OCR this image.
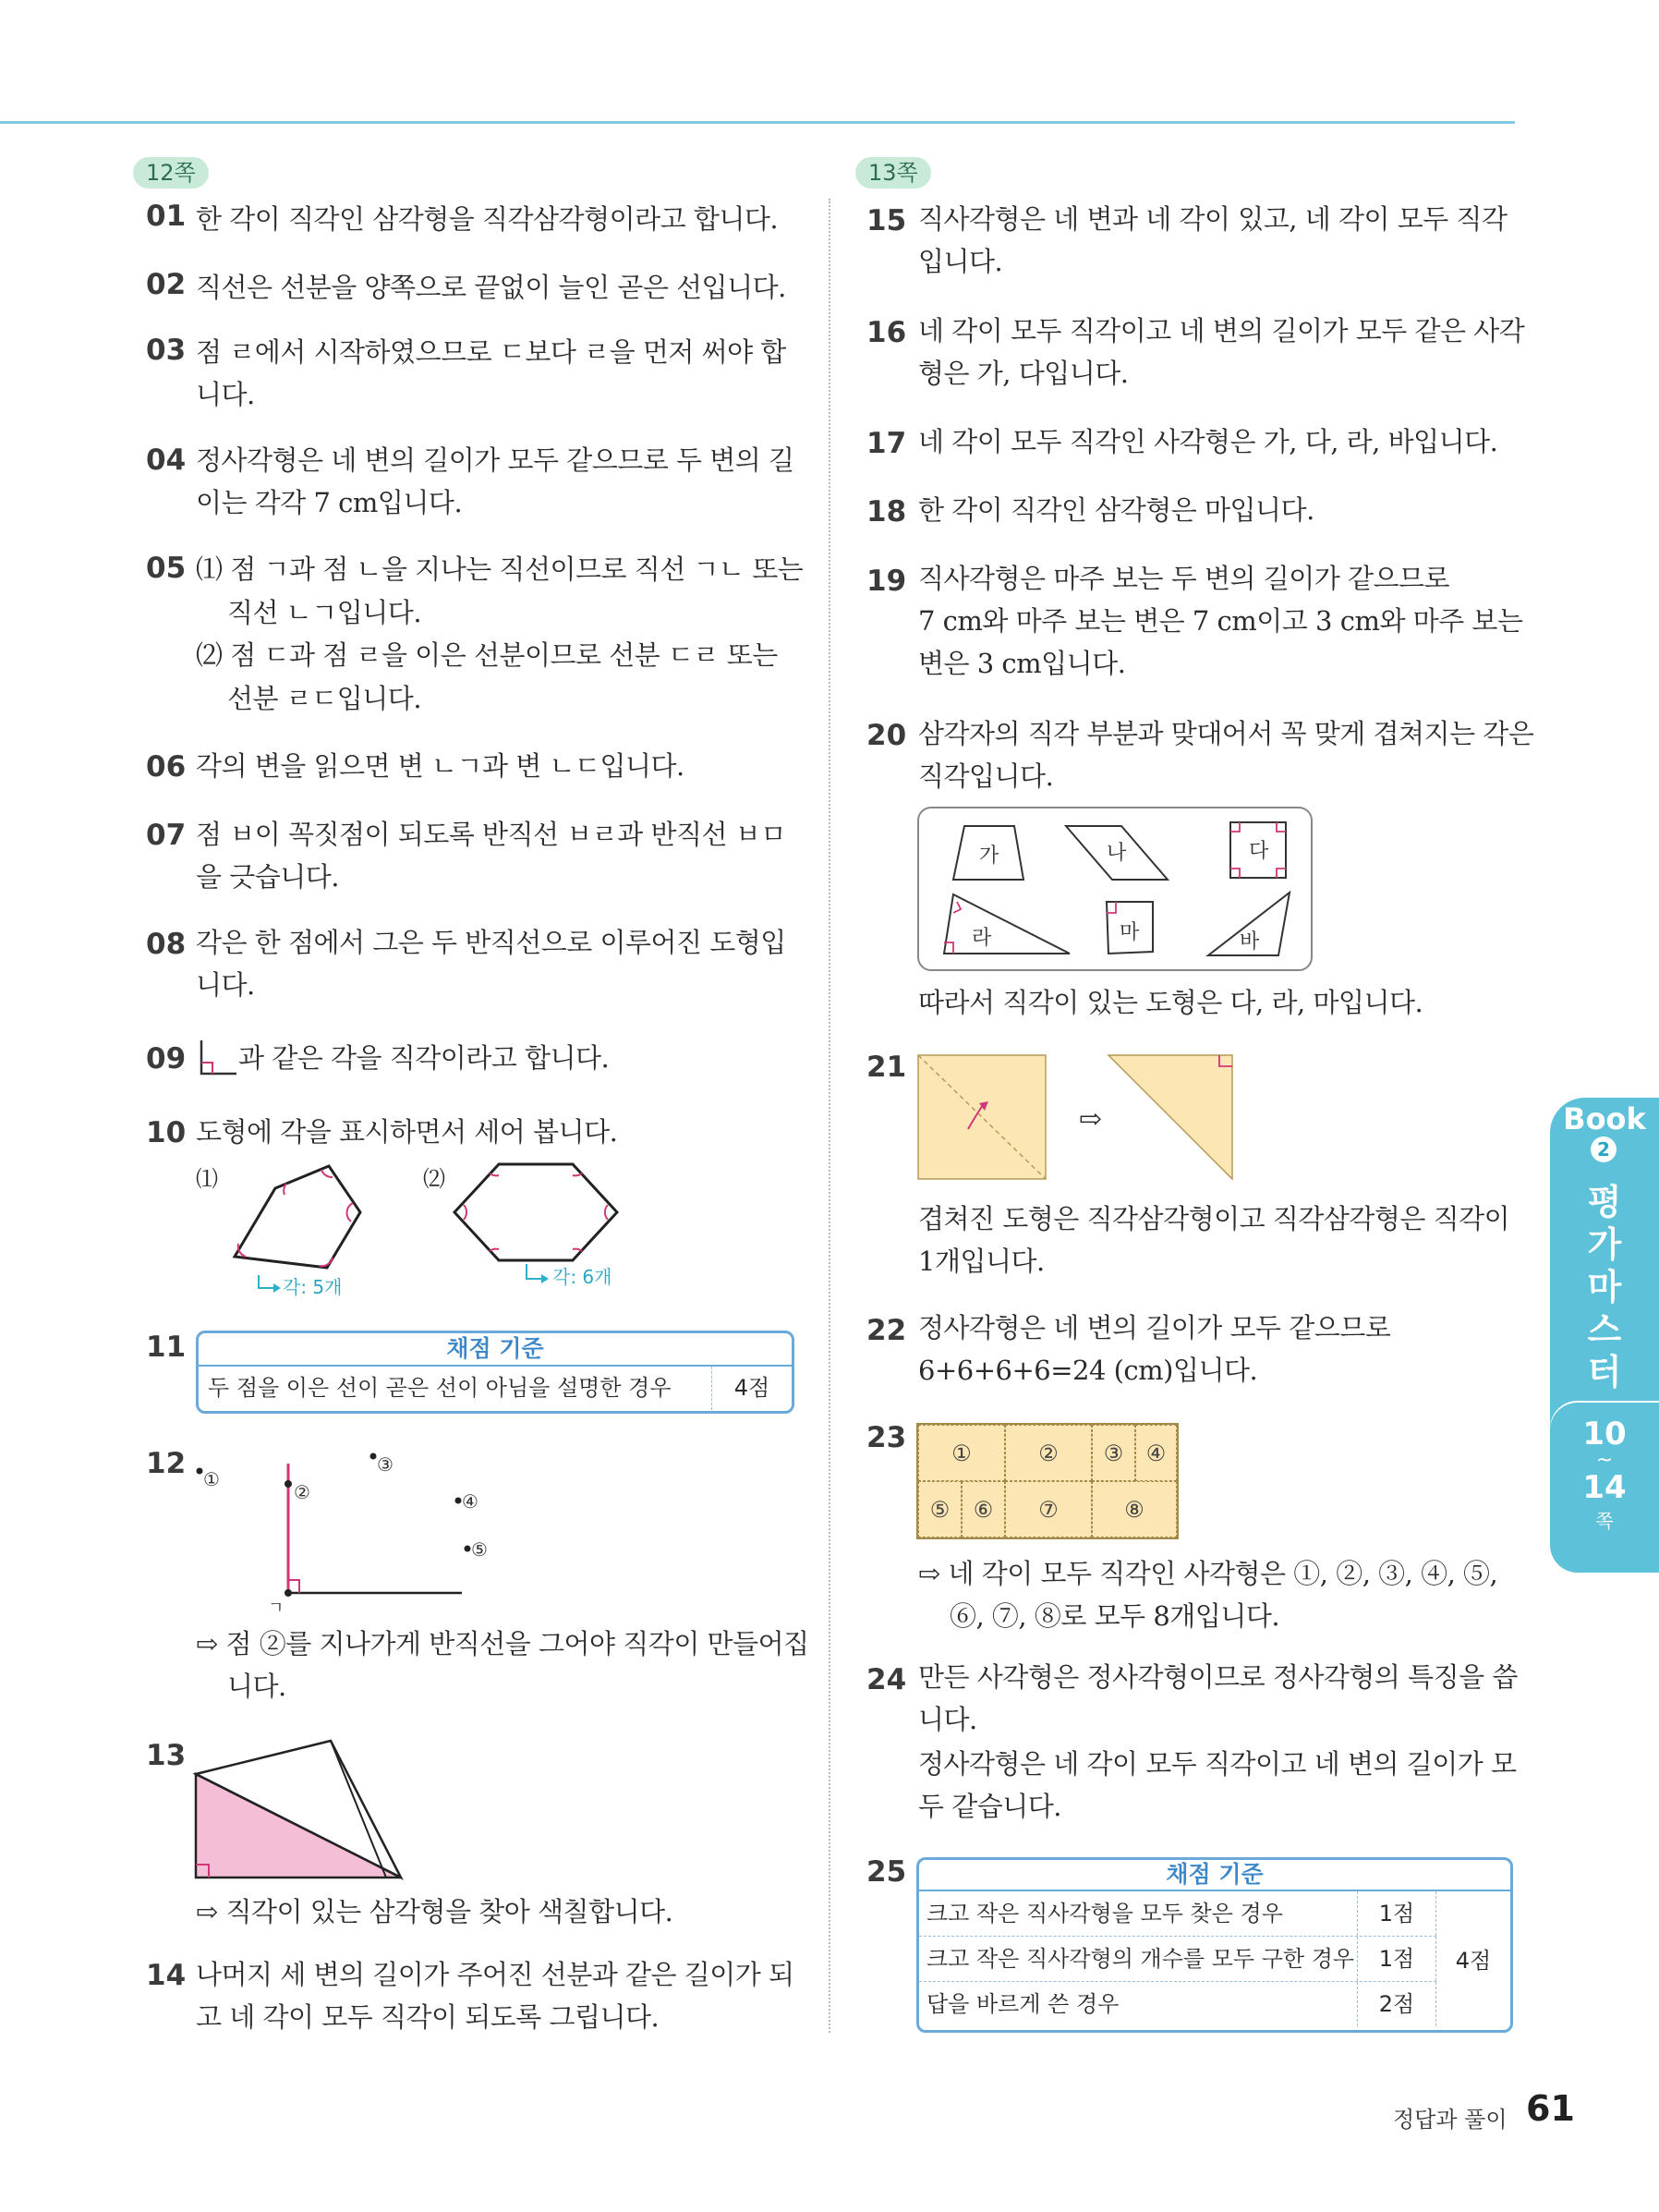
12쪽
01 한 각이 직각인 삼각형을 직각삼각형이라고 합니다.
02 직선은 선분을 양쪽으로 끝없이 늘인 곧은 선입니다.
03 점 ㄹ에서 시작하였으므로 ㄷ보다 ㄹ을 먼저 써야 합
니다.
04 정사각형은 네 변의 길이가 모두 같으므로 두 변의 길
이는 각각 7 cm입니다.
05 ⑴ 점 ㄱ과 점 ㄴ을 지나는 직선이므로 직선 ㄱㄴ 또는
직선 ㄴㄱ입니다.
⑵ 점 ㄷ과 점 ㄹ을 이은 선분이므로 선분 ㄷㄹ 또는
선분 ㄹㄷ입니다.
06 각의 변을 읽으면 변 ㄴㄱ과 변 ㄴㄷ입니다.
07 점 ㅂ이 꼭짓점이 되도록 반직선 ㅂㄹ과 반직선 ㅂㅁ
을 긋습니다.
08 각은 한 점에서 그은 두 반직선으로 이루어진 도형입
니다.
09 과 같은 각을 직각이라고 합니다.
10 도형에 각을 표시하면서 세어 봅니다.
⑴	⑵
각: 5개	각: 6개
11	채점 기준
두 점을 이은 선이 곧은 선이 아님을 설명한 경우	4점
12 ①
②
③
④
⑤
ㄱ
⇨ 점 ②를 지나가게 반직선을 그어야 직각이 만들어집
니다.
13
⇨ 직각이 있는 삼각형을 찾아 색칠합니다.
14 나머지 세 변의 길이가 주어진 선분과 같은 길이가 되
고 네 각이 모두 직각이 되도록 그립니다.
13쪽
15 직사각형은 네 변과 네 각이 있고, 네 각이 모두 직각
입니다.
16 네 각이 모두 직각이고 네 변의 길이가 모두 같은 사각
형은 가, 다입니다.
17 네 각이 모두 직각인 사각형은 가, 다, 라, 바입니다.
18 한 각이 직각인 삼각형은 마입니다.
19 직사각형은 마주 보는 두 변의 길이가 같으므로
7 cm와 마주 보는 변은 7 cm이고 3 cm와 마주 보는
변은 3 cm입니다.
20 삼각자의 직각 부분과 맞대어서 꼭 맞게 겹쳐지는 각은
직각입니다.
가	나	다
라	마	바
따라서 직각이 있는 도형은 다, 라, 마입니다.
21
⇨
겹쳐진 도형은 직각삼각형이고 직각삼각형은 직각이
1개입니다.
22 정사각형은 네 변의 길이가 모두 같으므로
6+6+6+6=24 (cm)입니다.
23	①	②	③	④
⑤	⑥	⑦	⑧
⇨ 네 각이 모두 직각인 사각형은 ①, ②, ③, ④, ⑤,
⑥, ⑦, ⑧로 모두 8개입니다.
24 만든 사각형은 정사각형이므로 정사각형의 특징을 씁
니다.
정사각형은 네 각이 모두 직각이고 네 변의 길이가 모
두 같습니다.
25	채점 기준
크고 작은 직사각형을 모두 찾은 경우	1점
크고 작은 직사각형의 개수를 모두 구한 경우	1점
답을 바르게 쓴 경우	2점
4점
Book
2
평
가
마
스
터
10
~
14
쪽
정답과 풀이 61
